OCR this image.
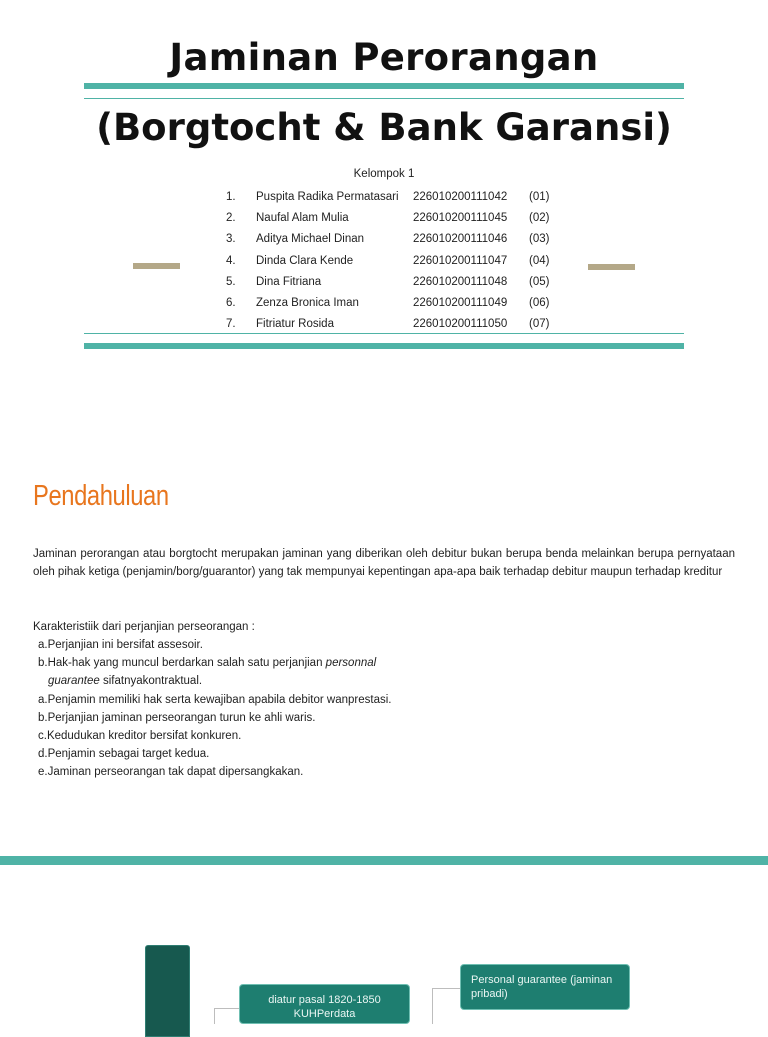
Jaminan Perorangan
(Borgtocht & Bank Garansi)
Kelompok 1
1. Puspita Radika Permatasari 226010200111042 (01)
2. Naufal Alam Mulia	226010200111045 (02)
3. Aditya Michael Dinan	226010200111046 (03)
4. Dinda Clara Kende	226010200111047 (04)
5. Dina Fitriana	226010200111048 (05)
6. Zenza Bronica Iman	226010200111049 (06)
7. Fitriatur Rosida	226010200111050 (07)
Pendahuluan
Jaminan perorangan atau borgtocht merupakan jaminan yang diberikan oleh debitur bukan berupa benda melainkan berupa pernyataan oleh pihak ketiga (penjamin/borg/guarantor) yang tak mempunyai kepentingan apa-apa baik terhadap debitur maupun terhadap kreditur
Karakteristiik dari perjanjian perseorangan :
a.Perjanjian ini bersifat assesoir.
b.Hak-hak yang muncul berdarkan salah satu perjanjian personnal
guarantee sifatnyakontraktual.
a.Penjamin memiliki hak serta kewajiban apabila debitor wanprestasi.
b.Perjanjian jaminan perseorangan turun ke ahli waris.
c.Kedudukan kreditor bersifat konkuren.
d.Penjamin sebagai target kedua.
e.Jaminan perseorangan tak dapat dipersangkakan.
diatur pasal 1820-1850 KUHPerdata
Personal guarantee (jaminan pribadi)
